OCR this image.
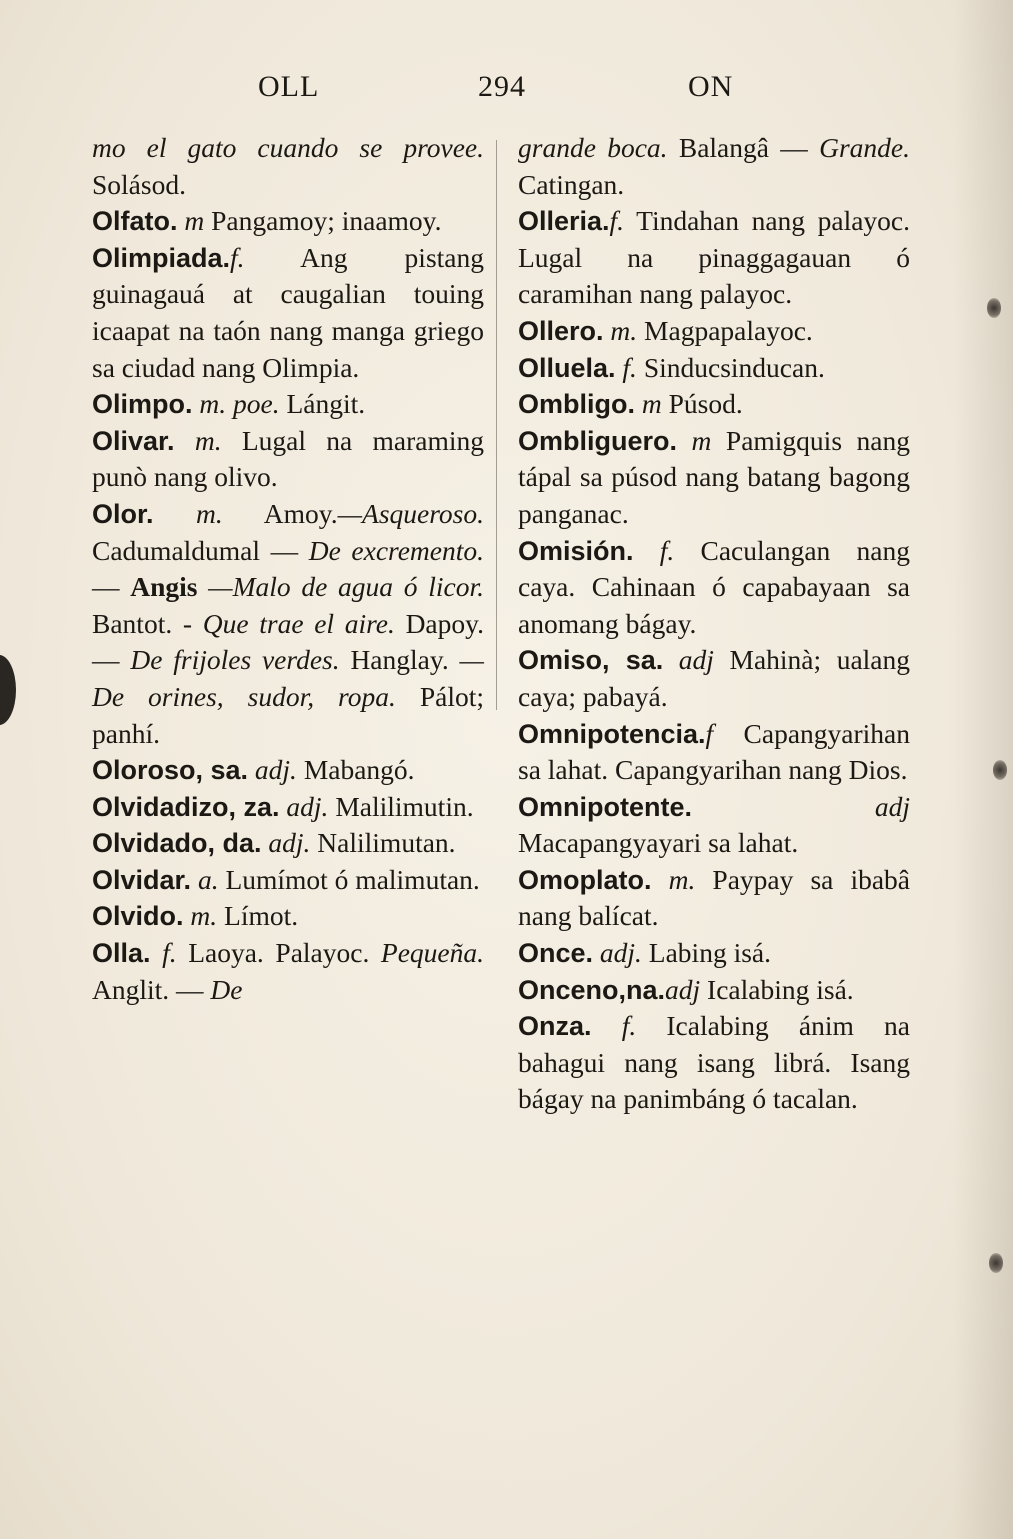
OLL	294	ON

mo el gato cuando se provee. Solásod.

Olfato. m Pangamoy; inaamoy.

Olimpiada.f. Ang pistang guinagauá at caugalian touing icaapat na taón nang manga griego sa ciudad nang Olimpia.

Olimpo. m. poe. Lángit.

Olivar. m. Lugal na maraming punò nang olivo.

Olor. m. Amoy.—Asqueroso. Cadumaldumal — De excremento. — Angis —Malo de agua ó licor. Bantot. - Que trae el aire. Dapoy. — De frijoles verdes. Hanglay. —De orines, sudor, ropa. Pálot; panhí.

Oloroso, sa. adj. Mabangó.

Olvidadizo, za. adj. Malilimutin.

Olvidado, da. adj. Nalilimutan.

Olvidar. a. Lumímot ó malimutan.

Olvido. m. Límot.

Olla. f. Laoya. Palayoc. Pequeña. Anglit. — De

grande boca. Balangâ — Grande. Catingan.

Olleria.f. Tindahan nang palayoc. Lugal na pinaggagauan ó caramihan nang palayoc.

Ollero. m. Magpapalayoc.

Olluela. f. Sinducsinducan.

Ombligo. m Púsod.

Ombliguero. m Pamigquis nang tápal sa púsod nang batang bagong panganac.

Omisión. f. Caculangan nang caya. Cahinaan ó capabayaan sa anomang bágay.

Omiso, sa. adj Mahinà; ualang caya; pabayá.

Omnipotencia.f Capangyarihan sa lahat. Capangyarihan nang Dios.

Omnipotente. adj Macapangyayari sa lahat.

Omoplato. m. Paypay sa ibabâ nang balícat.

Once. adj. Labing isá.

Onceno,na.adj Icalabing isá.

Onza. f. Icalabing ánim na bahagui nang isang librá. Isang bágay na panimbáng ó tacalan.
